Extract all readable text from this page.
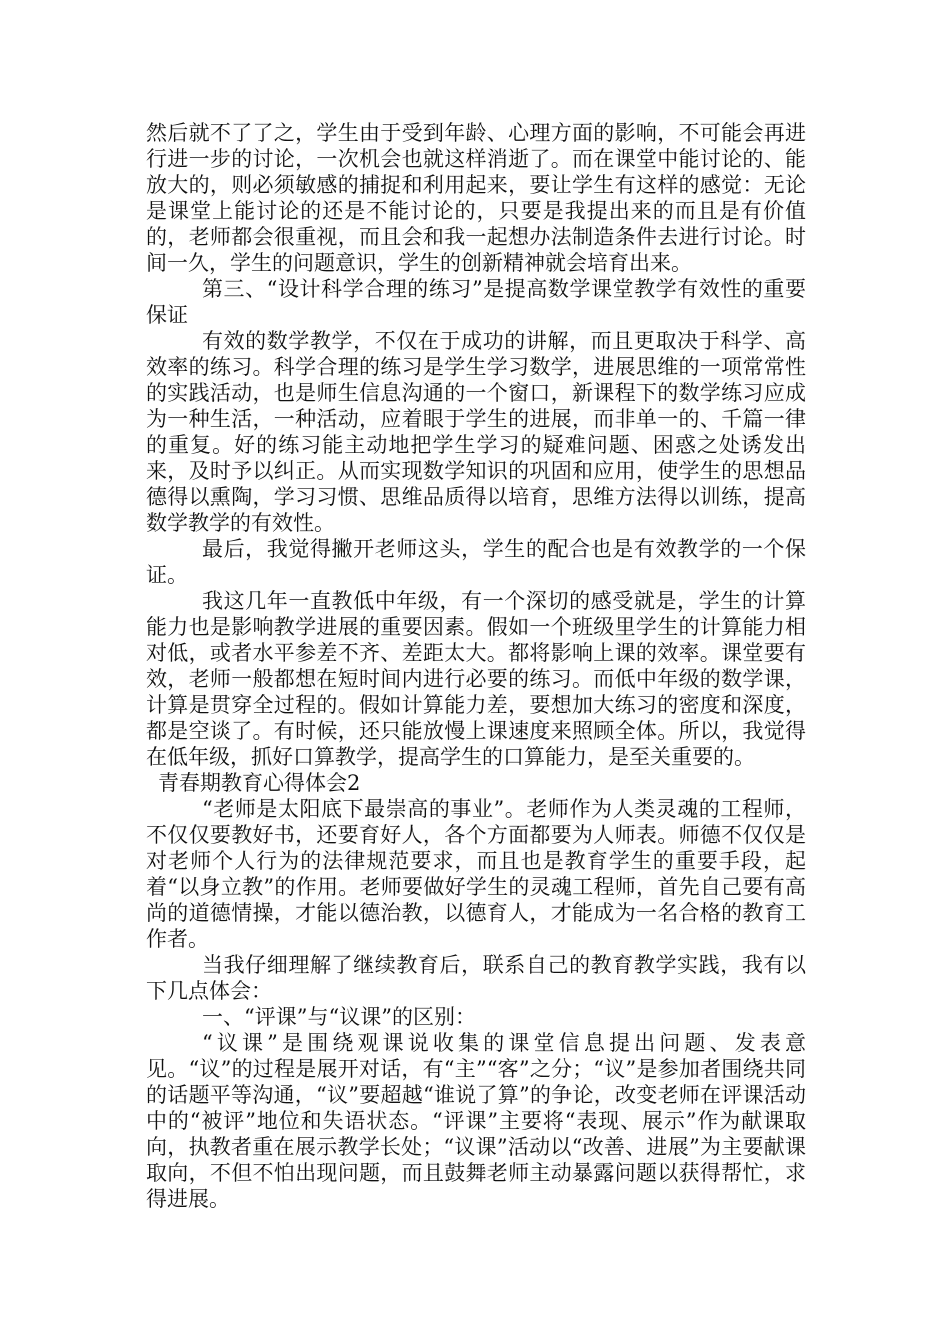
然后就不了了之，学生由于受到年龄、心理方面的影响，不可能会再进行进一步的讨论，一次机会也就这样消逝了。而在课堂中能讨论的、能放大的，则必须敏感的捕捉和利用起来，要让学生有这样的感觉：无论是课堂上能讨论的还是不能讨论的，只要是我提出来的而且是有价值的，老师都会很重视，而且会和我一起想办法制造条件去进行讨论。时间一久，学生的问题意识，学生的创新精神就会培育出来。

第三、“设计科学合理的练习”是提高数学课堂教学有效性的重要保证

有效的数学教学，不仅在于成功的讲解，而且更取决于科学、高效率的练习。科学合理的练习是学生学习数学，进展思维的一项常常性的实践活动，也是师生信息沟通的一个窗口，新课程下的数学练习应成为一种生活，一种活动，应着眼于学生的进展，而非单一的、千篇一律的重复。好的练习能主动地把学生学习的疑难问题、困惑之处诱发出来，及时予以纠正。从而实现数学知识的巩固和应用，使学生的思想品德得以熏陶，学习习惯、思维品质得以培育，思维方法得以训练，提高数学教学的有效性。

最后，我觉得撇开老师这头，学生的配合也是有效教学的一个保证。

我这几年一直教低中年级，有一个深切的感受就是，学生的计算能力也是影响教学进展的重要因素。假如一个班级里学生的计算能力相对低，或者水平参差不齐、差距太大。都将影响上课的效率。课堂要有效，老师一般都想在短时间内进行必要的练习。而低中年级的数学课，计算是贯穿全过程的。假如计算能力差，要想加大练习的密度和深度，都是空谈了。有时候，还只能放慢上课速度来照顾全体。所以，我觉得在低年级，抓好口算教学，提高学生的口算能力，是至关重要的。

青春期教育心得体会2

“老师是太阳底下最崇高的事业”。老师作为人类灵魂的工程师，不仅仅要教好书，还要育好人，各个方面都要为人师表。师德不仅仅是对老师个人行为的法律规范要求，而且也是教育学生的重要手段，起着“以身立教”的作用。老师要做好学生的灵魂工程师，首先自己要有高尚的道德情操，才能以德治教，以德育人，才能成为一名合格的教育工作者。

当我仔细理解了继续教育后，联系自己的教育教学实践，我有以下几点体会：

一、“评课”与“议课”的区别：

“议课”是围绕观课说收集的课堂信息提出问题、发表意见。“议”的过程是展开对话，有“主”“客”之分；“议”是参加者围绕共同的话题平等沟通，“议”要超越“谁说了算”的争论，改变老师在评课活动中的“被评”地位和失语状态。“评课”主要将“表现、展示”作为献课取向，执教者重在展示教学长处；“议课”活动以“改善、进展”为主要献课取向，不但不怕出现问题，而且鼓舞老师主动暴露问题以获得帮忙，求得进展。
